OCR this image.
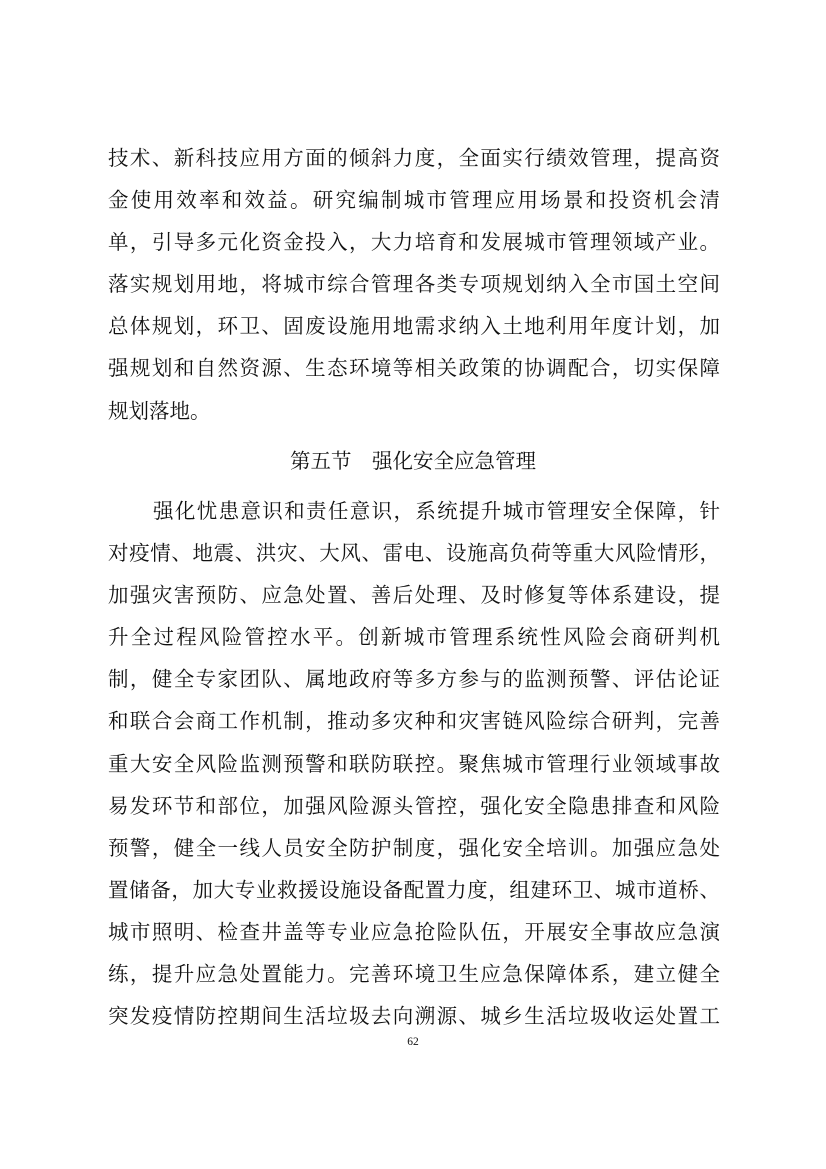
技术、新科技应用方面的倾斜力度，全面实行绩效管理，提高资
金使用效率和效益。研究编制城市管理应用场景和投资机会清
单，引导多元化资金投入，大力培育和发展城市管理领域产业。
落实规划用地，将城市综合管理各类专项规划纳入全市国土空间
总体规划，环卫、固废设施用地需求纳入土地利用年度计划，加
强规划和自然资源、生态环境等相关政策的协调配合，切实保障
规划落地。
第五节　强化安全应急管理
强化忧患意识和责任意识，系统提升城市管理安全保障，针
对疫情、地震、洪灾、大风、雷电、设施高负荷等重大风险情形，
加强灾害预防、应急处置、善后处理、及时修复等体系建设，提
升全过程风险管控水平。创新城市管理系统性风险会商研判机
制，健全专家团队、属地政府等多方参与的监测预警、评估论证
和联合会商工作机制，推动多灾种和灾害链风险综合研判，完善
重大安全风险监测预警和联防联控。聚焦城市管理行业领域事故
易发环节和部位，加强风险源头管控，强化安全隐患排查和风险
预警，健全一线人员安全防护制度，强化安全培训。加强应急处
置储备，加大专业救援设施设备配置力度，组建环卫、城市道桥、
城市照明、检查井盖等专业应急抢险队伍，开展安全事故应急演
练，提升应急处置能力。完善环境卫生应急保障体系，建立健全
突发疫情防控期间生活垃圾去向溯源、城乡生活垃圾收运处置工
62
